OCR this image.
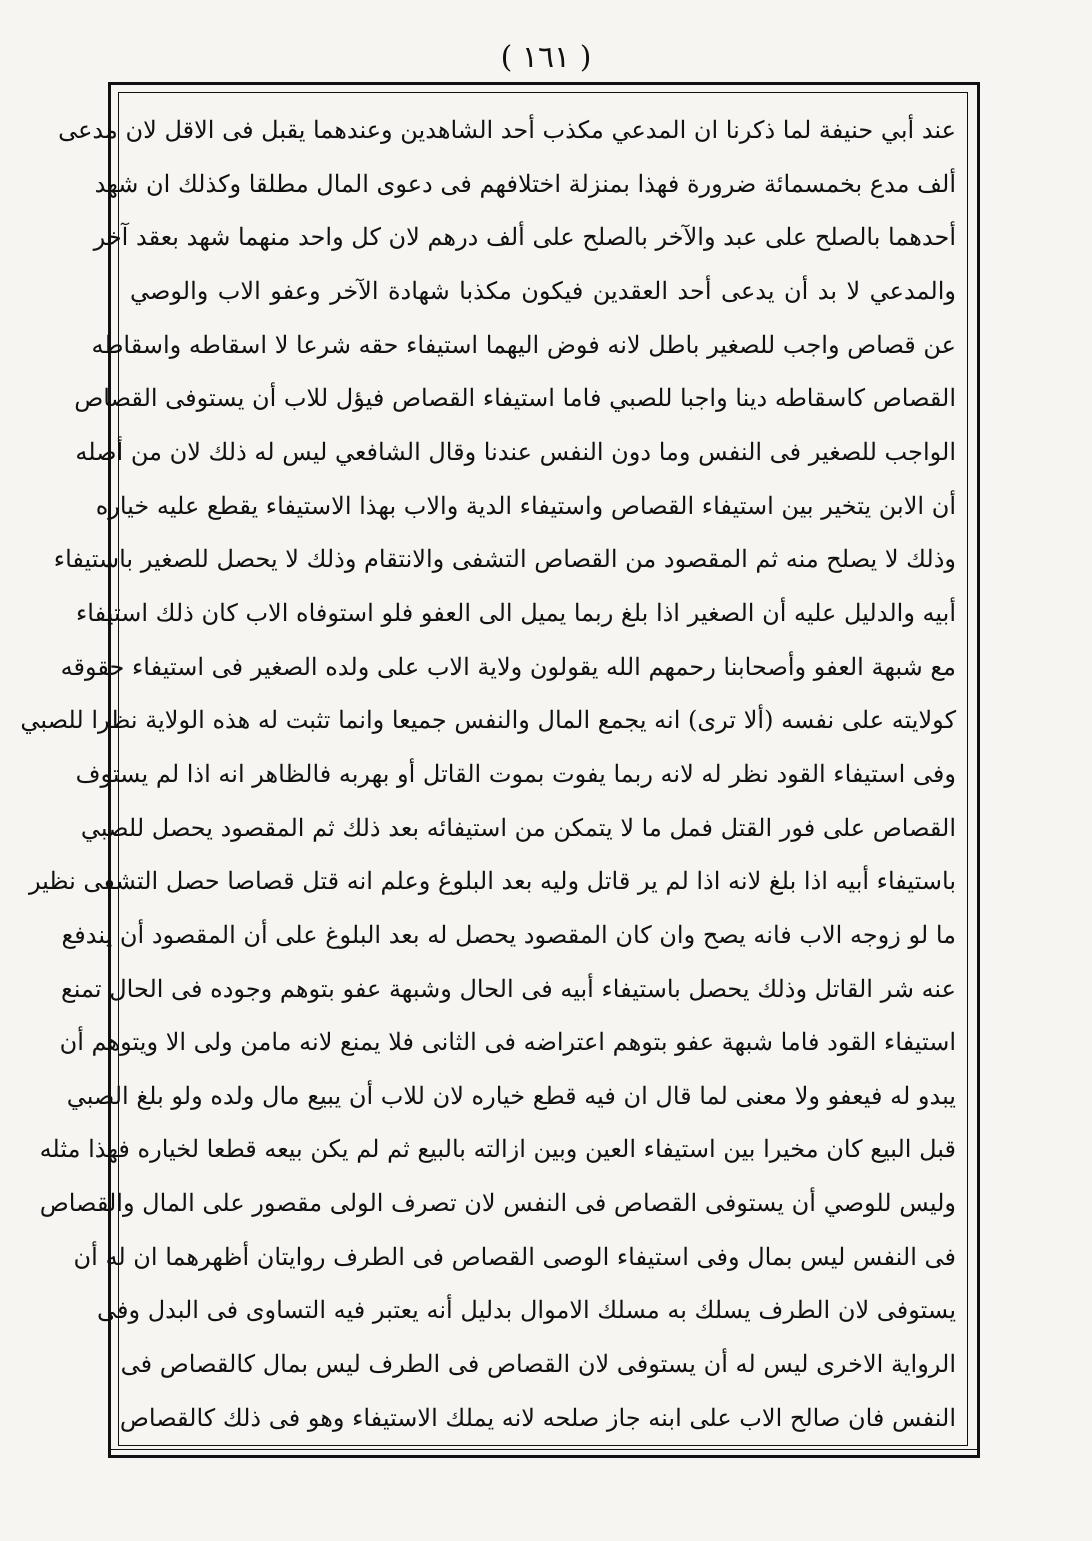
( ١٦١ )
عند أبي حنيفة لما ذكرنا ان المدعي مكذب أحد الشاهدين وعندهما يقبل فى الاقل لان مدعى
ألف مدع بخمسمائة ضرورة فهذا بمنزلة اختلافهم فى دعوى المال مطلقا وكذلك ان شهد
أحدهما بالصلح على عبد والآخر بالصلح على ألف درهم لان كل واحد منهما شهد بعقد آخر
والمدعي لا بد أن يدعى أحد العقدين فيكون مكذبا شهادة الآخر وعفو الاب والوصي
عن قصاص واجب للصغير باطل لانه فوض اليهما استيفاء حقه شرعا لا اسقاطه واسقاطه
القصاص كاسقاطه دينا واجبا للصبي فاما استيفاء القصاص فيؤل للاب أن يستوفى القصاص
الواجب للصغير فى النفس وما دون النفس عندنا وقال الشافعي ليس له ذلك لان من أصله
أن الابن يتخير بين استيفاء القصاص واستيفاء الدية والاب بهذا الاستيفاء يقطع عليه خياره
وذلك لا يصلح منه ثم المقصود من القصاص التشفى والانتقام وذلك لا يحصل للصغير باستيفاء
أبيه والدليل عليه أن الصغير اذا بلغ ربما يميل الى العفو فلو استوفاه الاب كان ذلك استيفاء
مع شبهة العفو وأصحابنا رحمهم الله يقولون ولاية الاب على ولده الصغير فى استيفاء حقوقه
كولايته على نفسه (ألا ترى) انه يجمع المال والنفس جميعا وانما تثبت له هذه الولاية نظرا للصبي
وفى استيفاء القود نظر له لانه ربما يفوت بموت القاتل أو بهربه فالظاهر انه اذا لم يستوف
القصاص على فور القتل فمل ما لا يتمكن من استيفائه بعد ذلك ثم المقصود يحصل للصبي
باستيفاء أبيه اذا بلغ لانه اذا لم ير قاتل وليه بعد البلوغ وعلم انه قتل قصاصا حصل التشفى نظير
ما لو زوجه الاب فانه يصح وان كان المقصود يحصل له بعد البلوغ على أن المقصود أن يندفع
عنه شر القاتل وذلك يحصل باستيفاء أبيه فى الحال وشبهة عفو بتوهم وجوده فى الحال تمنع
استيفاء القود فاما شبهة عفو بتوهم اعتراضه فى الثانى فلا يمنع لانه مامن ولى الا ويتوهم أن
يبدو له فيعفو ولا معنى لما قال ان فيه قطع خياره لان للاب أن يبيع مال ولده ولو بلغ الصبي
قبل البيع كان مخيرا بين استيفاء العين وبين ازالته بالبيع ثم لم يكن بيعه قطعا لخياره فهذا مثله
وليس للوصي أن يستوفى القصاص فى النفس لان تصرف الولى مقصور على المال والقصاص
فى النفس ليس بمال وفى استيفاء الوصى القصاص فى الطرف روايتان أظهرهما ان له أن
يستوفى لان الطرف يسلك به مسلك الاموال بدليل أنه يعتبر فيه التساوى فى البدل وفى
الرواية الاخرى ليس له أن يستوفى لان القصاص فى الطرف ليس بمال كالقصاص فى
النفس فان صالح الاب على ابنه جاز صلحه لانه يملك الاستيفاء وهو فى ذلك كالقصاص
